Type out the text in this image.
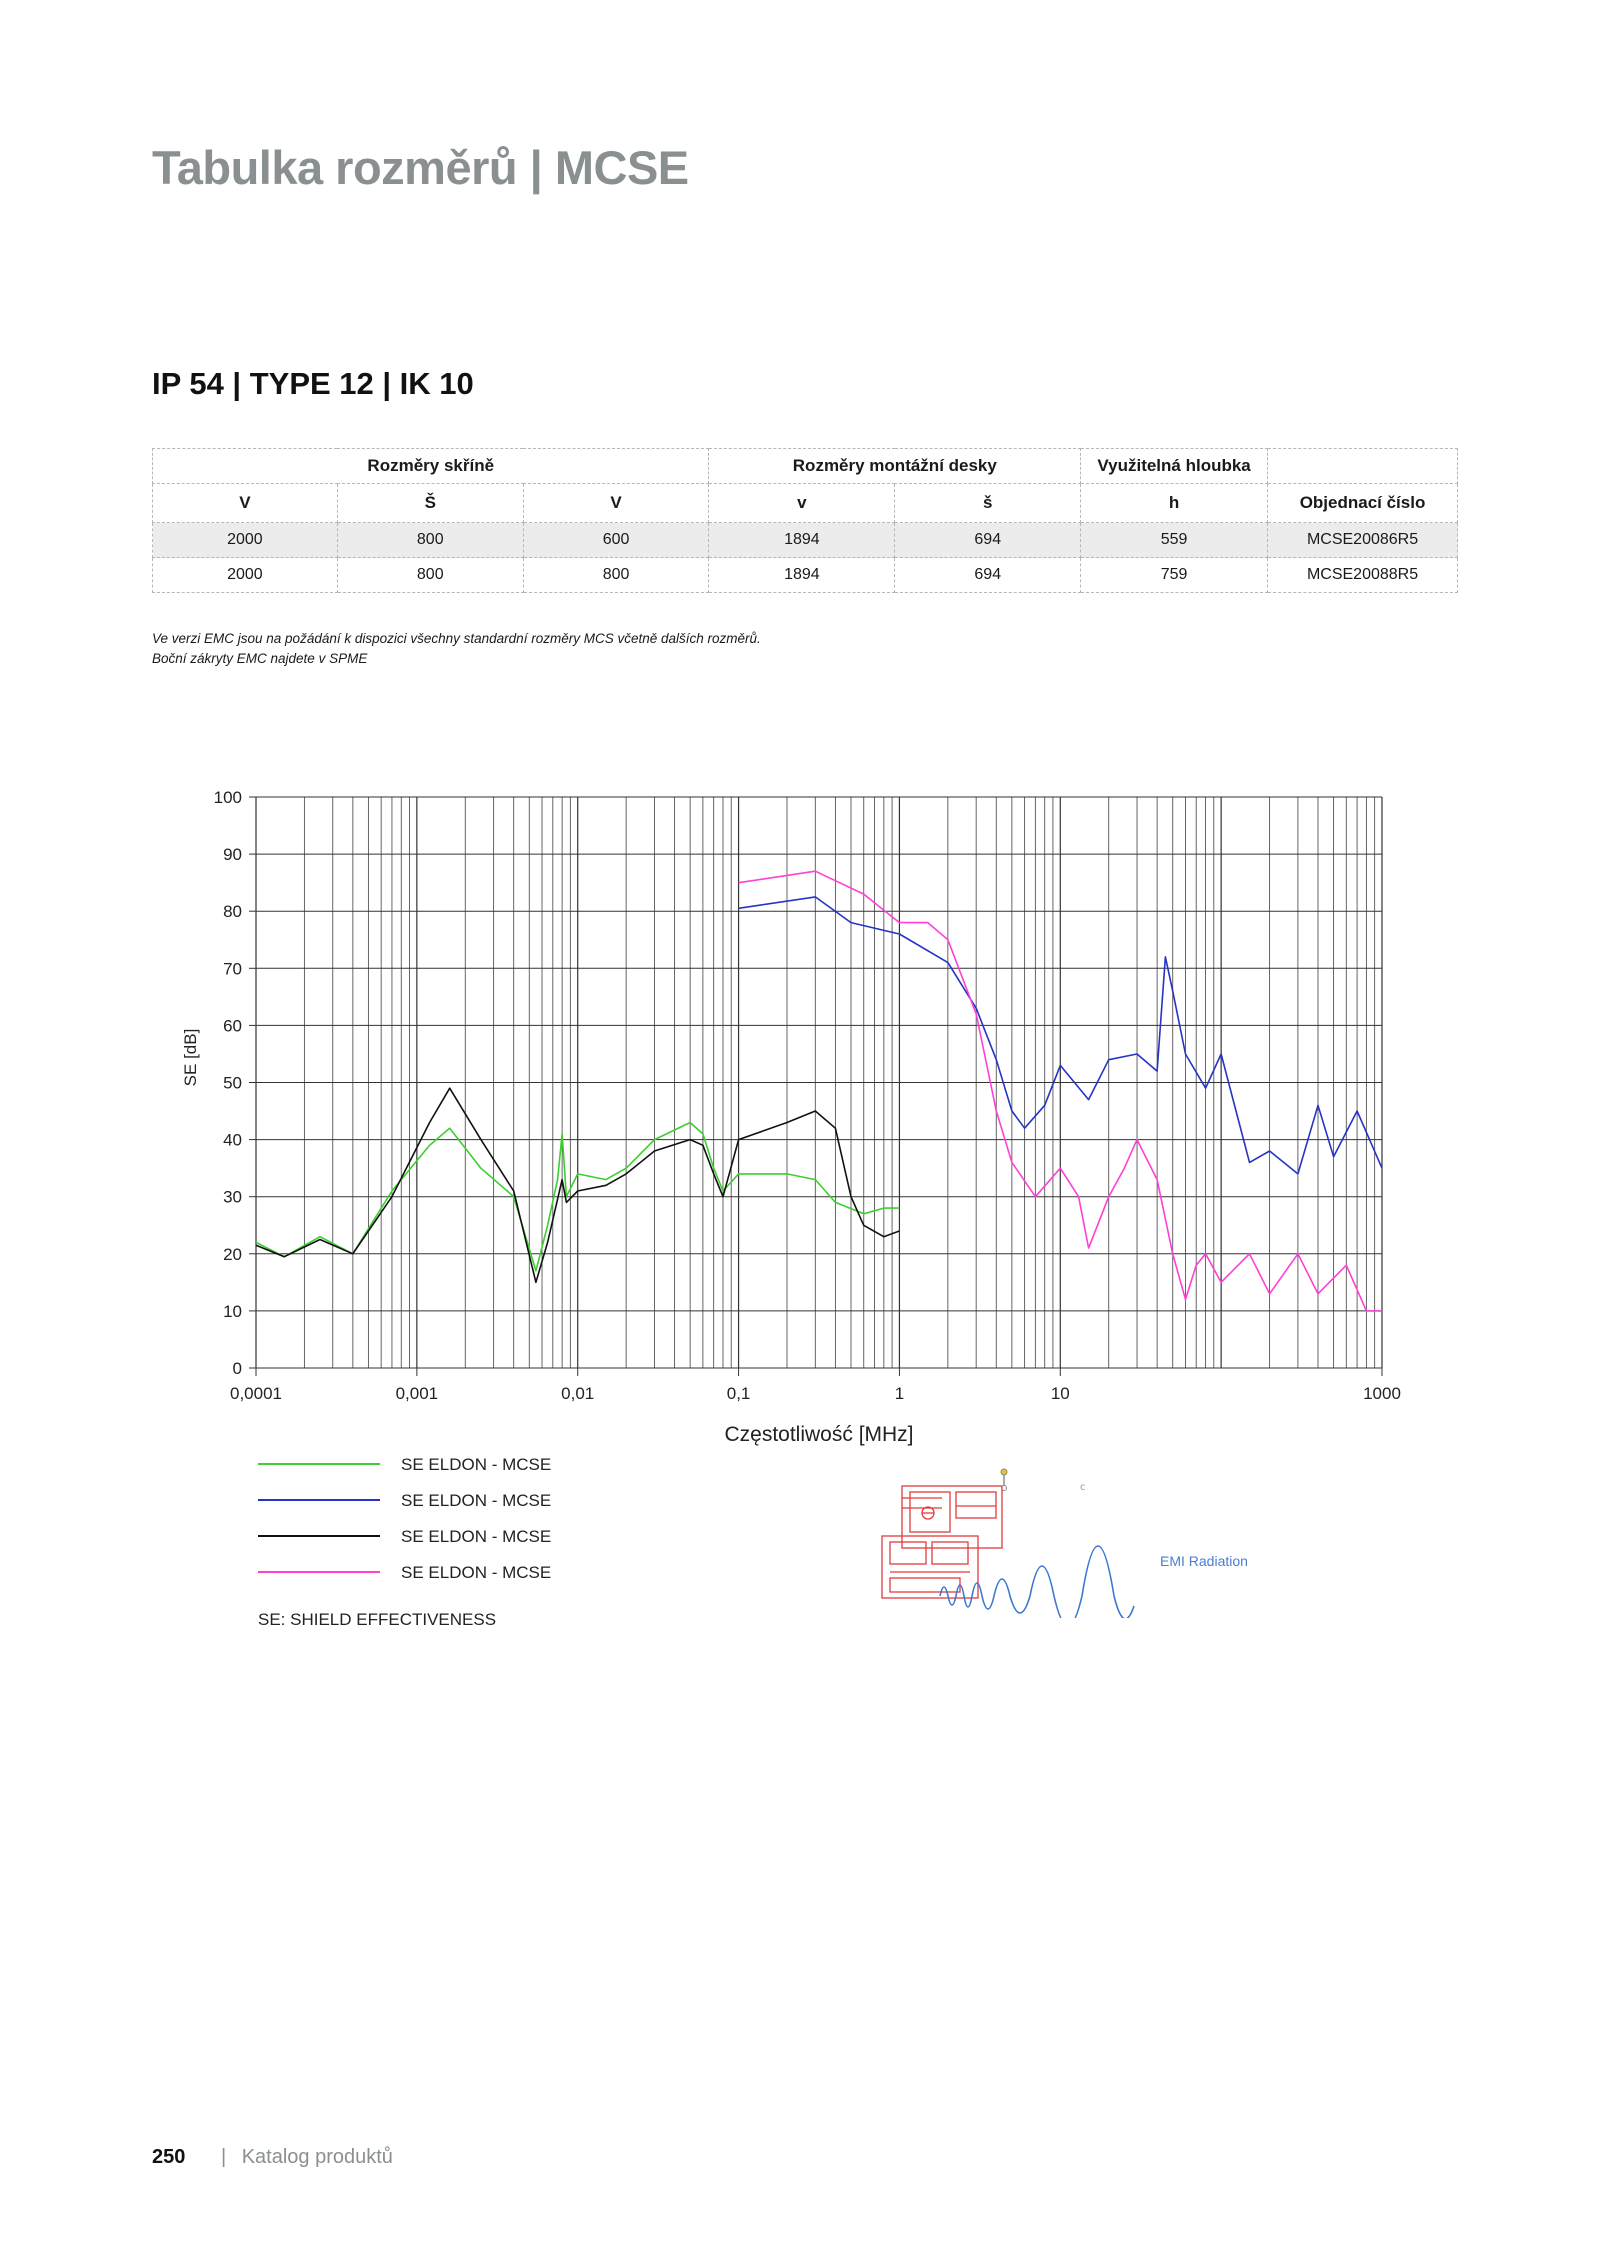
Tabulka rozměrů | MCSE
IP 54 | TYPE 12 | IK 10
Rozměry skříně			Rozměry montážní desky		Využitelná hloubka	
V	Š	V	v	š	h	Objednací číslo
2000	800	600	1894	694	559	MCSE20086R5
2000	800	800	1894	694	759	MCSE20088R5
Ve verzi EMC jsou na požádání k dispozici všechny standardní rozměry MCS včetně dalších rozměrů.
Boční zákryty EMC najdete v SPME
0
10
20
30
40
50
60
70
80
90
100
0,0001	0,001	0,01	0,1	1	10	1000
Częstotliwość [MHz]
SE [dB]
SE ELDON - MCSE
SE ELDON - MCSE
SE ELDON - MCSE
SE ELDON - MCSE
SE: SHIELD EFFECTIVENESS
c
EMI Radiation
250 | Katalog produktů
